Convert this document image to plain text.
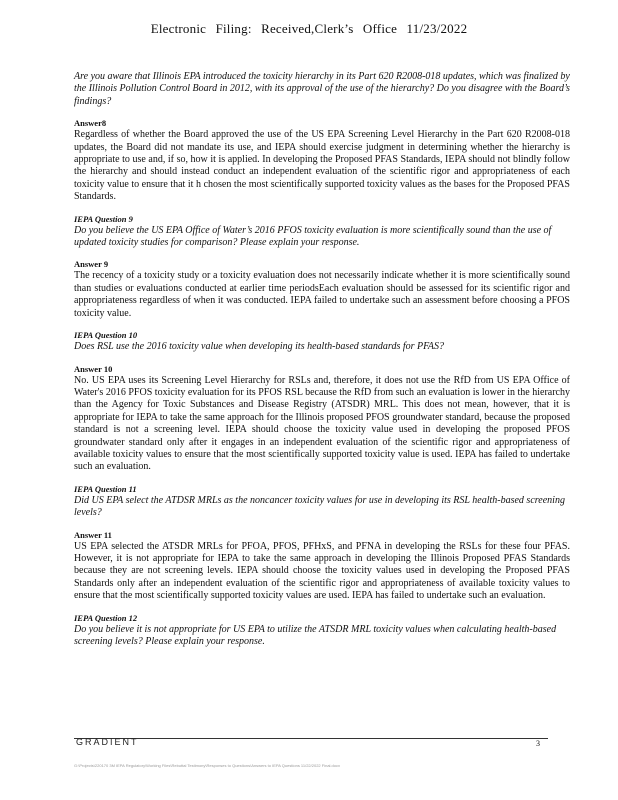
Electronic Filing: Received,Clerk’s Office 11/23/2022

Are you aware that Illinois EPA introduced the toxicity hierarchy in its Part 620 R2008-018 updates, which was finalized by the Illinois Pollution Control Board in 2012, with its approval of the use of the hierarchy? Do you disagree with the Board’s findings?

Answer8

Regardless of whether the Board approved the use of the US EPA Screening Level Hierarchy in the Part 620 R2008-018 updates, the Board did not mandate its use, and IEPA should exercise judgment in determining whether the hierarchy is appropriate to use and, if so, how it is applied. In developing the Proposed PFAS Standards, IEPA should not blindly follow the hierarchy and should instead conduct an independent evaluation of the scientific rigor and appropriateness of each toxicity value to ensure that it h chosen the most scientifically supported toxicity values as the bases for the Proposed PFAS Standards.

IEPA Question 9

Do you believe the US EPA Office of Water’s 2016 PFOS toxicity evaluation is more scientifically sound than the use of updated toxicity studies for comparison? Please explain your response.

Answer 9

The recency of a toxicity study or a toxicity evaluation does not necessarily indicate whether it is more scientifically sound than studies or evaluations conducted at earlier time periodsEach evaluation should be assessed for its scientific rigor and appropriateness regardless of when it was conducted. IEPA failed to undertake such an assessment before choosing a PFOS toxicity value.

IEPA Question 10

Does RSL use the 2016 toxicity value when developing its health-based standards for PFAS?

Answer 10

No. US EPA uses its Screening Level Hierarchy for RSLs and, therefore, it does not use the RfD from US EPA Office of Water's 2016 PFOS toxicity evaluation for its PFOS RSL because the RfD from such an evaluation is lower in the hierarchy than the Agency for Toxic Substances and Disease Registry (ATSDR) MRL. This does not mean, however, that it is appropriate for IEPA to take the same approach for the Illinois proposed PFOS groundwater standard, because the proposed standard is not a screening level. IEPA should choose the toxicity value used in developing the proposed PFOS groundwater standard only after it engages in an independent evaluation of the scientific rigor and appropriateness of available toxicity values to ensure that the most scientifically supported toxicity value is used. IEPA has failed to undertake such an evaluation.

IEPA Question 11

Did US EPA select the ATDSR MRLs as the noncancer toxicity values for use in developing its RSL health-based screening levels?

Answer 11

US EPA selected the ATSDR MRLs for PFOA, PFOS, PFHxS, and PFNA in developing the RSLs for these four PFAS. However, it is not appropriate for IEPA to take the same approach in developing the Illinois Proposed PFAS Standards because they are not screening levels. IEPA should choose the toxicity values used in developing the Proposed PFAS Standards only after an independent evaluation of the scientific rigor and appropriateness of available toxicity values to ensure that the most scientifically supported toxicity values are used. IEPA has failed to undertake such an evaluation.

IEPA Question 12

Do you believe it is not appropriate for US EPA to utilize the ATSDR MRL toxicity values when calculating health-based screening levels? Please explain your response.

GRADIENT	3
G:\Projects\220170 3M IEPA Regulatory\Working Files\Rebuttal Testimony\Responses to Questions\Answers to IEPA Questions 11/22/2022 Final.docx
